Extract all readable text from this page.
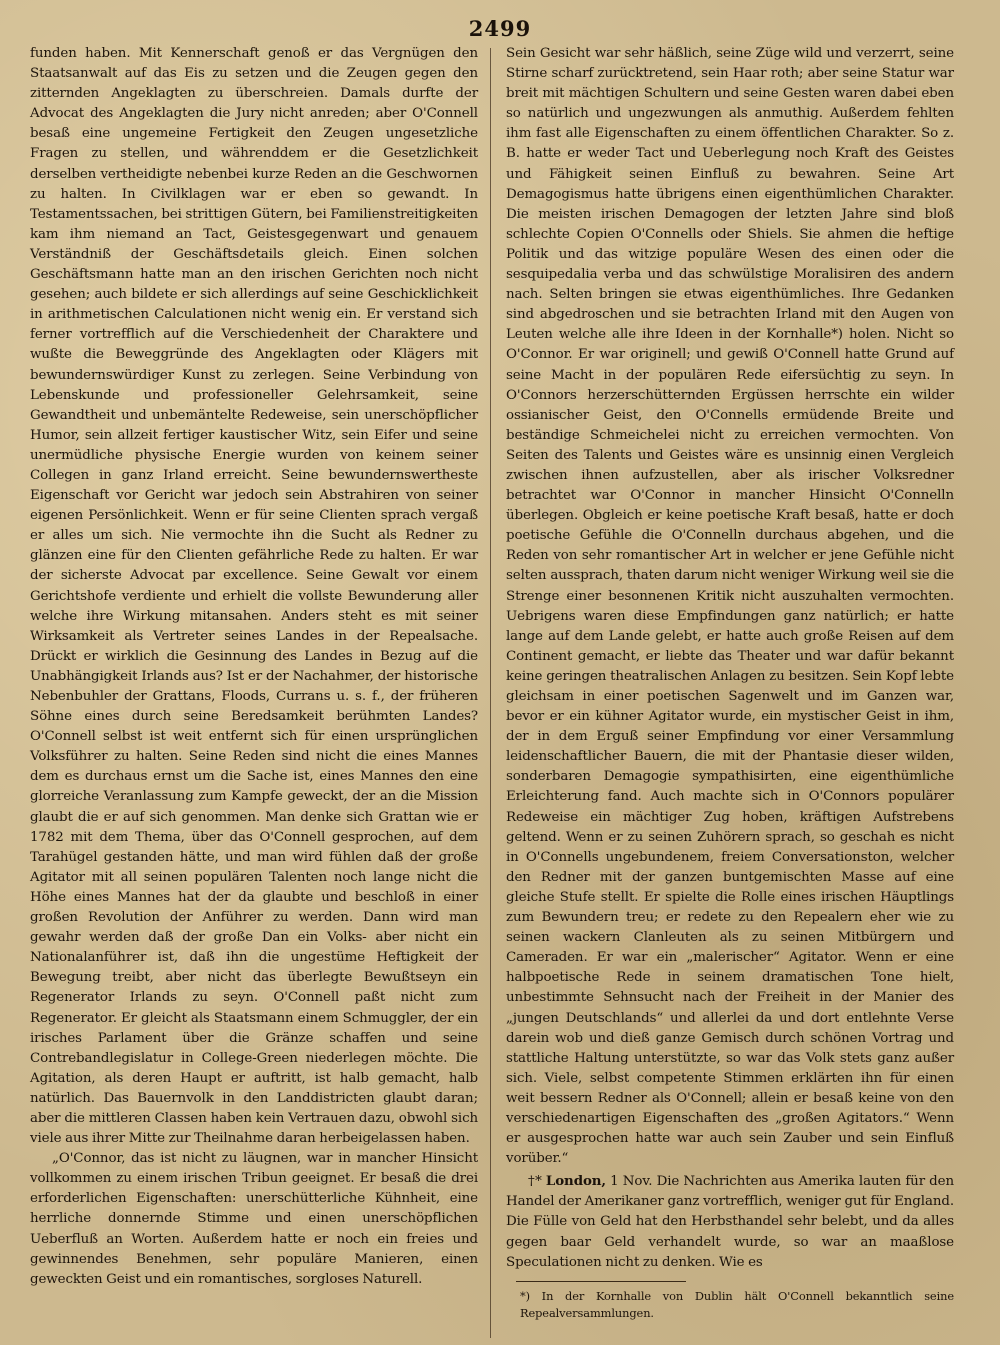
2499

funden haben. Mit Kennerschaft genoß er das Vergnügen den Staatsanwalt auf das Eis zu setzen und die Zeugen gegen den zitternden Angeklagten zu überschreien. Damals durfte der Advocat des Angeklagten die Jury nicht anreden; aber O'Connell besaß eine ungemeine Fertigkeit den Zeugen ungesetzliche Fragen zu stellen, und währenddem er die Gesetzlichkeit derselben vertheidigte nebenbei kurze Reden an die Geschwornen zu halten. In Civilklagen war er eben so gewandt. In Testamentssachen, bei strittigen Gütern, bei Familienstreitigkeiten kam ihm niemand an Tact, Geistesgegenwart und genauem Verständniß der Geschäftsdetails gleich. Einen solchen Geschäftsmann hatte man an den irischen Gerichten noch nicht gesehen; auch bildete er sich allerdings auf seine Geschicklichkeit in arithmetischen Calculationen nicht wenig ein. Er verstand sich ferner vortrefflich auf die Verschiedenheit der Charaktere und wußte die Beweggründe des Angeklagten oder Klägers mit bewundernswürdiger Kunst zu zerlegen. Seine Verbindung von Lebenskunde und professioneller Gelehrsamkeit, seine Gewandtheit und unbemäntelte Redeweise, sein unerschöpflicher Humor, sein allzeit fertiger kaustischer Witz, sein Eifer und seine unermüdliche physische Energie wurden von keinem seiner Collegen in ganz Irland erreicht. Seine bewundernswertheste Eigenschaft vor Gericht war jedoch sein Abstrahiren von seiner eigenen Persönlichkeit. Wenn er für seine Clienten sprach vergaß er alles um sich. Nie vermochte ihn die Sucht als Redner zu glänzen eine für den Clienten gefährliche Rede zu halten. Er war der sicherste Advocat par excellence. Seine Gewalt vor einem Gerichtshofe verdiente und erhielt die vollste Bewunderung aller welche ihre Wirkung mitansahen. Anders steht es mit seiner Wirksamkeit als Vertreter seines Landes in der Repealsache. Drückt er wirklich die Gesinnung des Landes in Bezug auf die Unabhängigkeit Irlands aus? Ist er der Nachahmer, der historische Nebenbuhler der Grattans, Floods, Currans u. s. f., der früheren Söhne eines durch seine Beredsamkeit berühmten Landes? O'Connell selbst ist weit entfernt sich für einen ursprünglichen Volksführer zu halten. Seine Reden sind nicht die eines Mannes dem es durchaus ernst um die Sache ist, eines Mannes den eine glorreiche Veranlassung zum Kampfe geweckt, der an die Mission glaubt die er auf sich genommen. Man denke sich Grattan wie er 1782 mit dem Thema, über das O'Connell gesprochen, auf dem Tarahügel gestanden hätte, und man wird fühlen daß der große Agitator mit all seinen populären Talenten noch lange nicht die Höhe eines Mannes hat der da glaubte und beschloß in einer großen Revolution der Anführer zu werden. Dann wird man gewahr werden daß der große Dan ein Volks- aber nicht ein Nationalanführer ist, daß ihn die ungestüme Heftigkeit der Bewegung treibt, aber nicht das überlegte Bewußtseyn ein Regenerator Irlands zu seyn. O'Connell paßt nicht zum Regenerator. Er gleicht als Staatsmann einem Schmuggler, der ein irisches Parlament über die Gränze schaffen und seine Contrebandlegislatur in College-Green niederlegen möchte. Die Agitation, als deren Haupt er auftritt, ist halb gemacht, halb natürlich. Das Bauernvolk in den Landdistricten glaubt daran; aber die mittleren Classen haben kein Vertrauen dazu, obwohl sich viele aus ihrer Mitte zur Theilnahme daran herbeigelassen haben.

„O'Connor, das ist nicht zu läugnen, war in mancher Hinsicht vollkommen zu einem irischen Tribun geeignet. Er besaß die drei erforderlichen Eigenschaften: unerschütterliche Kühnheit, eine herrliche donnernde Stimme und einen unerschöpflichen Ueberfluß an Worten. Außerdem hatte er noch ein freies und gewinnendes Benehmen, sehr populäre Manieren, einen geweckten Geist und ein romantisches, sorgloses Naturell.

Sein Gesicht war sehr häßlich, seine Züge wild und verzerrt, seine Stirne scharf zurücktretend, sein Haar roth; aber seine Statur war breit mit mächtigen Schultern und seine Gesten waren dabei eben so natürlich und ungezwungen als anmuthig. Außerdem fehlten ihm fast alle Eigenschaften zu einem öffentlichen Charakter. So z. B. hatte er weder Tact und Ueberlegung noch Kraft des Geistes und Fähigkeit seinen Einfluß zu bewahren. Seine Art Demagogismus hatte übrigens einen eigenthümlichen Charakter. Die meisten irischen Demagogen der letzten Jahre sind bloß schlechte Copien O'Connells oder Shiels. Sie ahmen die heftige Politik und das witzige populäre Wesen des einen oder die sesquipedalia verba und das schwülstige Moralisiren des andern nach. Selten bringen sie etwas eigenthümliches. Ihre Gedanken sind abgedroschen und sie betrachten Irland mit den Augen von Leuten welche alle ihre Ideen in der Kornhalle*) holen. Nicht so O'Connor. Er war originell; und gewiß O'Connell hatte Grund auf seine Macht in der populären Rede eifersüchtig zu seyn. In O'Connors herzerschütternden Ergüssen herrschte ein wilder ossianischer Geist, den O'Connells ermüdende Breite und beständige Schmeichelei nicht zu erreichen vermochten. Von Seiten des Talents und Geistes wäre es unsinnig einen Vergleich zwischen ihnen aufzustellen, aber als irischer Volksredner betrachtet war O'Connor in mancher Hinsicht O'Connelln überlegen. Obgleich er keine poetische Kraft besaß, hatte er doch poetische Gefühle die O'Connelln durchaus abgehen, und die Reden von sehr romantischer Art in welcher er jene Gefühle nicht selten aussprach, thaten darum nicht weniger Wirkung weil sie die Strenge einer besonnenen Kritik nicht auszuhalten vermochten. Uebrigens waren diese Empfindungen ganz natürlich; er hatte lange auf dem Lande gelebt, er hatte auch große Reisen auf dem Continent gemacht, er liebte das Theater und war dafür bekannt keine geringen theatralischen Anlagen zu besitzen. Sein Kopf lebte gleichsam in einer poetischen Sagenwelt und im Ganzen war, bevor er ein kühner Agitator wurde, ein mystischer Geist in ihm, der in dem Erguß seiner Empfindung vor einer Versammlung leidenschaftlicher Bauern, die mit der Phantasie dieser wilden, sonderbaren Demagogie sympathisirten, eine eigenthümliche Erleichterung fand. Auch machte sich in O'Connors populärer Redeweise ein mächtiger Zug hoben, kräftigen Aufstrebens geltend. Wenn er zu seinen Zuhörern sprach, so geschah es nicht in O'Connells ungebundenem, freiem Conversationston, welcher den Redner mit der ganzen buntgemischten Masse auf eine gleiche Stufe stellt. Er spielte die Rolle eines irischen Häuptlings zum Bewundern treu; er redete zu den Repealern eher wie zu seinen wackern Clanleuten als zu seinen Mitbürgern und Cameraden. Er war ein „malerischer“ Agitator. Wenn er eine halbpoetische Rede in seinem dramatischen Tone hielt, unbestimmte Sehnsucht nach der Freiheit in der Manier des „jungen Deutschlands“ und allerlei da und dort entlehnte Verse darein wob und dieß ganze Gemisch durch schönen Vortrag und stattliche Haltung unterstützte, so war das Volk stets ganz außer sich. Viele, selbst competente Stimmen erklärten ihn für einen weit bessern Redner als O'Connell; allein er besaß keine von den verschiedenartigen Eigenschaften des „großen Agitators.“ Wenn er ausgesprochen hatte war auch sein Zauber und sein Einfluß vorüber.“

†* London, 1 Nov. Die Nachrichten aus Amerika lauten für den Handel der Amerikaner ganz vortrefflich, weniger gut für England. Die Fülle von Geld hat den Herbsthandel sehr belebt, und da alles gegen baar Geld verhandelt wurde, so war an maaßlose Speculationen nicht zu denken. Wie es

*) In der Kornhalle von Dublin hält O'Connell bekanntlich seine Repealversammlungen.
